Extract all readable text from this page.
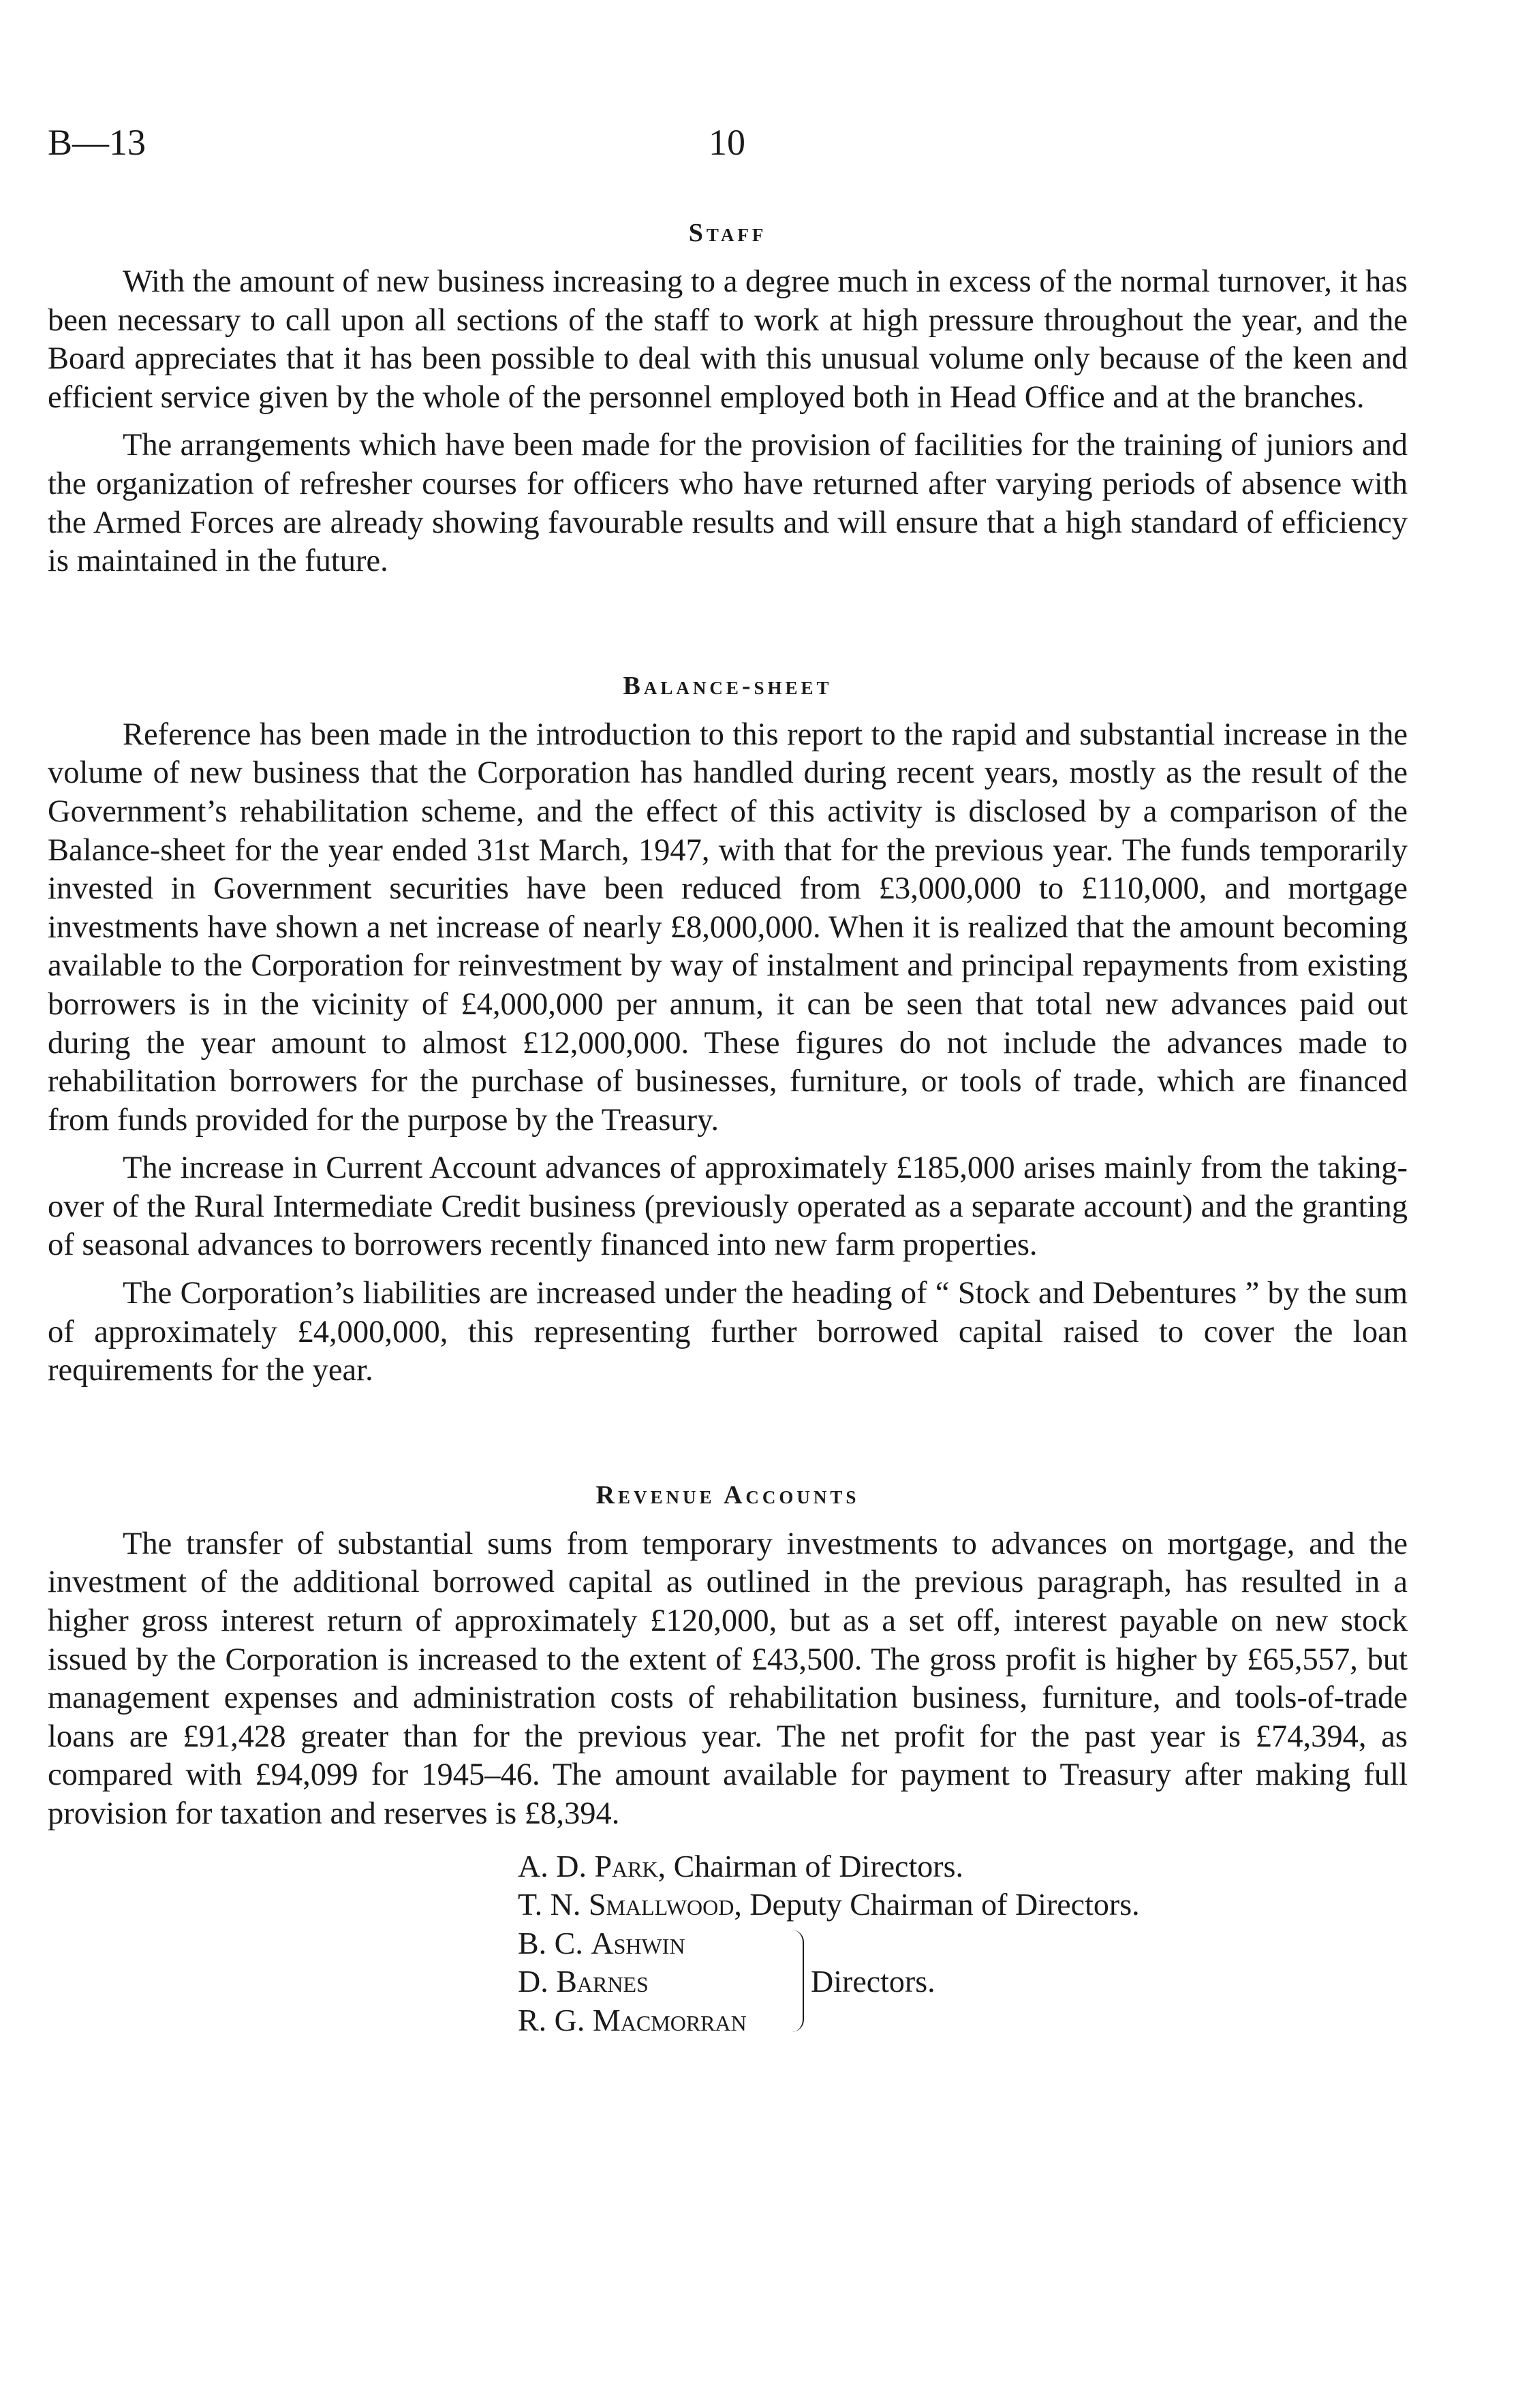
B—13	10
Staff

With the amount of new business increasing to a degree much in excess of the normal turnover, it has been necessary to call upon all sections of the staff to work at high pressure throughout the year, and the Board appreciates that it has been possible to deal with this unusual volume only because of the keen and efficient service given by the whole of the personnel employed both in Head Office and at the branches.

The arrangements which have been made for the provision of facilities for the training of juniors and the organization of refresher courses for officers who have returned after varying periods of absence with the Armed Forces are already showing favourable results and will ensure that a high standard of efficiency is maintained in the future.

Balance-sheet

Reference has been made in the introduction to this report to the rapid and substantial increase in the volume of new business that the Corporation has handled during recent years, mostly as the result of the Government’s rehabilitation scheme, and the effect of this activity is disclosed by a comparison of the Balance-sheet for the year ended 31st March, 1947, with that for the previous year. The funds temporarily invested in Government securities have been reduced from £3,000,000 to £110,000, and mortgage investments have shown a net increase of nearly £8,000,000. When it is realized that the amount becoming available to the Corporation for reinvestment by way of instalment and principal repayments from existing borrowers is in the vicinity of £4,000,000 per annum, it can be seen that total new advances paid out during the year amount to almost £12,000,000. These figures do not include the advances made to rehabilitation borrowers for the purchase of businesses, furniture, or tools of trade, which are financed from funds provided for the purpose by the Treasury.

The increase in Current Account advances of approximately £185,000 arises mainly from the taking-over of the Rural Intermediate Credit business (previously operated as a separate account) and the granting of seasonal advances to borrowers recently financed into new farm properties.

The Corporation’s liabilities are increased under the heading of “ Stock and Debentures ” by the sum of approximately £4,000,000, this representing further borrowed capital raised to cover the loan requirements for the year.

Revenue Accounts

The transfer of substantial sums from temporary investments to advances on mortgage, and the investment of the additional borrowed capital as outlined in the previous paragraph, has resulted in a higher gross interest return of approximately £120,000, but as a set off, interest payable on new stock issued by the Corporation is increased to the extent of £43,500. The gross profit is higher by £65,557, but management expenses and administration costs of rehabilitation business, furniture, and tools-of-trade loans are £91,428 greater than for the previous year. The net profit for the past year is £74,394, as compared with £94,099 for 1945–46. The amount available for payment to Treasury after making full provision for taxation and reserves is £8,394.

A. D. Park, Chairman of Directors.
T. N. Smallwood, Deputy Chairman of Directors.
B. C. Ashwin
D. Barnes
R. G. Macmorran
Directors.
